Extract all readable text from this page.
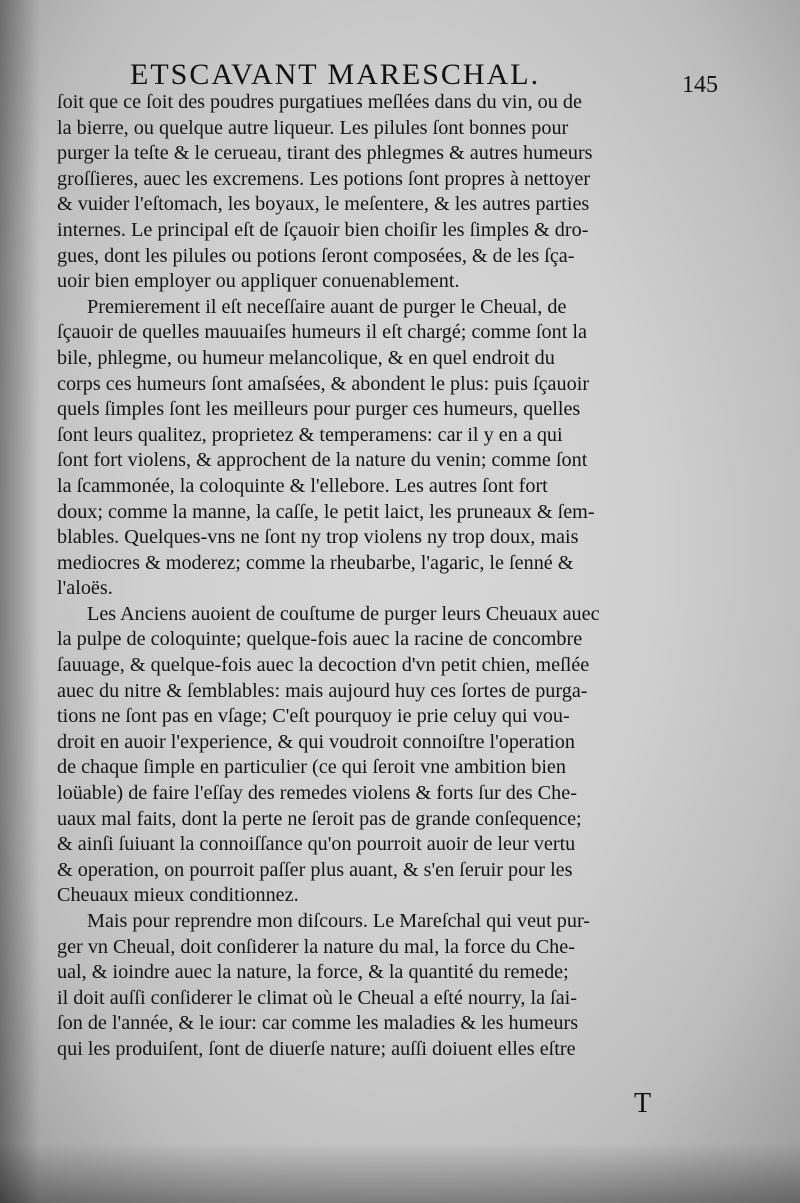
ETSCAVANT MARESCHAL.	145
ſoit que ce ſoit des poudres purgatiues meſlées dans du vin, ou de
la bierre, ou quelque autre liqueur. Les pilules ſont bonnes pour
purger la teſte & le cerueau, tirant des phlegmes & autres humeurs
groſſieres, auec les excremens. Les potions ſont propres à nettoyer
& vuider l'eſtomach, les boyaux, le meſentere, & les autres parties
internes. Le principal eſt de ſçauoir bien choiſir les ſimples & dro-
gues, dont les pilules ou potions ſeront composées, & de les ſça-
uoir bien employer ou appliquer conuenablement.
Premierement il eſt neceſſaire auant de purger le Cheual, de
ſçauoir de quelles mauuaiſes humeurs il eſt chargé; comme ſont la
bile, phlegme, ou humeur melancolique, & en quel endroit du
corps ces humeurs ſont amaſsées, & abondent le plus: puis ſçauoir
quels ſimples ſont les meilleurs pour purger ces humeurs, quelles
ſont leurs qualitez, proprietez & temperamens: car il y en a qui
ſont fort violens, & approchent de la nature du venin; comme ſont
la ſcammonée, la coloquinte & l'ellebore. Les autres ſont fort
doux; comme la manne, la caſſe, le petit laict, les pruneaux & ſem-
blables. Quelques-vns ne ſont ny trop violens ny trop doux, mais
mediocres & moderez; comme la rheubarbe, l'agaric, le ſenné &
l'aloës.
Les Anciens auoient de couſtume de purger leurs Cheuaux auec
la pulpe de coloquinte; quelque-fois auec la racine de concombre
ſauuage, & quelque-fois auec la decoction d'vn petit chien, meſlée
auec du nitre & ſemblables: mais aujourd huy ces ſortes de purga-
tions ne ſont pas en vſage; C'eſt pourquoy ie prie celuy qui vou-
droit en auoir l'experience, & qui voudroit connoiſtre l'operation
de chaque ſimple en particulier (ce qui ſeroit vne ambition bien
loüable) de faire l'eſſay des remedes violens & forts ſur des Che-
uaux mal faits, dont la perte ne ſeroit pas de grande conſequence;
& ainſi ſuiuant la connoiſſance qu'on pourroit auoir de leur vertu
& operation, on pourroit paſſer plus auant, & s'en ſeruir pour les
Cheuaux mieux conditionnez.
Mais pour reprendre mon diſcours. Le Mareſchal qui veut pur-
ger vn Cheual, doit conſiderer la nature du mal, la force du Che-
ual, & ioindre auec la nature, la force, & la quantité du remede;
il doit auſſi conſiderer le climat où le Cheual a eſté nourry, la ſai-
ſon de l'année, & le iour: car comme les maladies & les humeurs
qui les produiſent, ſont de diuerſe nature; auſſi doiuent elles eſtre
T
